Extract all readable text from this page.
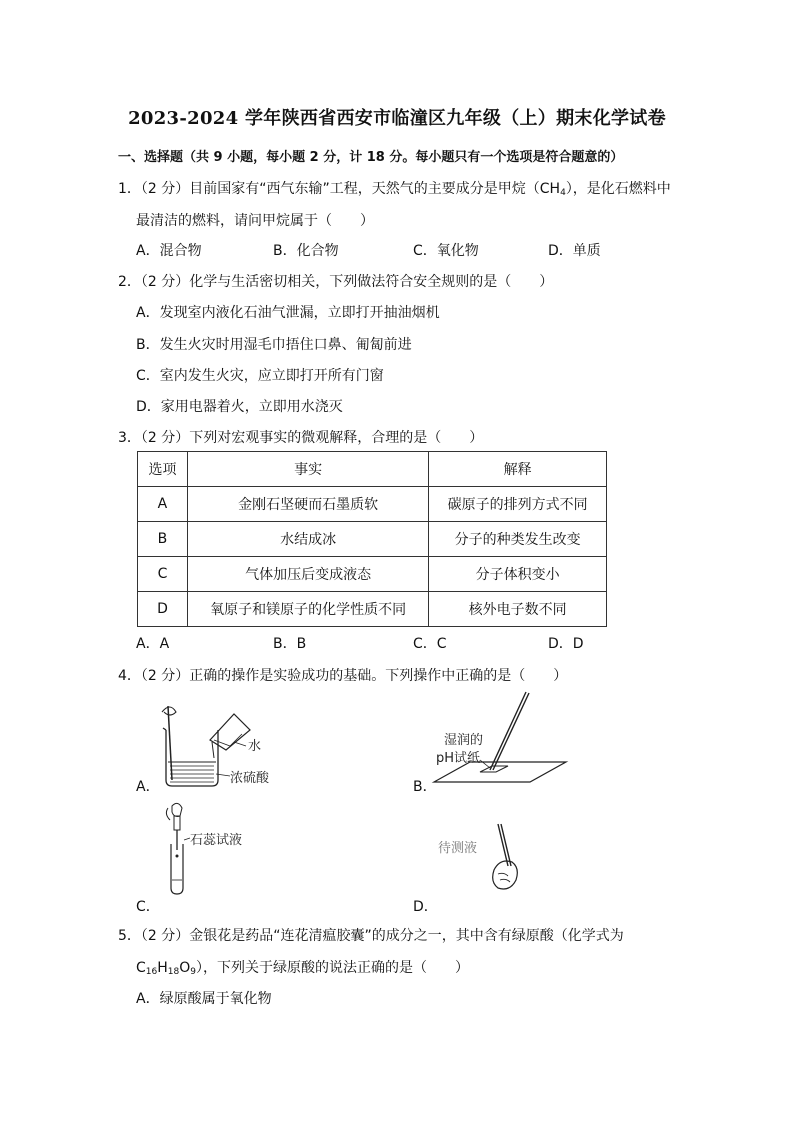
2023-2024 学年陕西省西安市临潼区九年级（上）期末化学试卷
一、选择题（共 9 小题，每小题 2 分，计 18 分。每小题只有一个选项是符合题意的）
1．（2 分）目前国家有“西气东输”工程，天然气的主要成分是甲烷$(CH_4)$，是化石燃料中
最清洁的燃料，请问甲烷属于（　　）
A．混合物	B．化合物	C．氧化物	D．单质
2．（2 分）化学与生活密切相关，下列做法符合安全规则的是（　　）
A．发现室内液化石油气泄漏，立即打开抽油烟机
B．发生火灾时用湿毛巾捂住口鼻、匍匐前进
C．室内发生火灾，应立即打开所有门窗
D．家用电器着火，立即用水浇灭
3．（2 分）下列对宏观事实的微观解释，合理的是（　　）
选项	事实	解释
A	金刚石坚硬而石墨质软	碳原子的排列方式不同
B	水结成冰	分子的种类发生改变
C	气体加压后变成液态	分子体积变小
D	氧原子和镁原子的化学性质不同	核外电子数不同
A．A	B．B	C．C	D．D
4．（2 分）正确的操作是实验成功的基础。下列操作中正确的是（　　）
水
浓硫酸
A．
湿润的
pH试纸
B．
石蕊试液
C．
待测液
D．
5．（2 分）金银花是药品“连花清瘟胶囊”的成分之一，其中含有绿原酸（化学式为
$C_{16}H_{18}O_9$），下列关于绿原酸的说法正确的是（　　）
A．绿原酸属于氧化物
